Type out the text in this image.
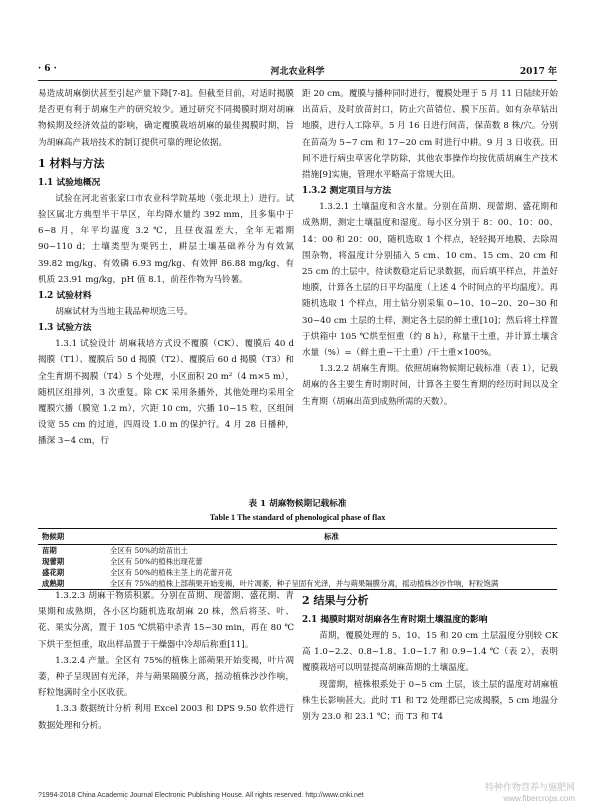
· 6 ·	河北农业科学	2017 年

易造成胡麻倒伏甚至引起产量下降[7-8]。但截至目前，对适时揭膜是否更有利于胡麻生产的研究较少。通过研究不同揭膜时期对胡麻物候期及经济效益的影响，确定覆膜栽培胡麻的最佳揭膜时期，旨为胡麻高产栽培技术的制订提供可靠的理论依据。

1 材料与方法
1.1 试验地概况

试验在河北省张家口市农业科学院基地（张北坝上）进行。试验区属北方典型半干旱区，年均降水量约 392 mm，且多集中于 6~8 月，年平均温度 3.2 ℃，且昼夜温差大，全年无霜期 90~110 d；土壤类型为栗钙土，耕层土壤基础养分为有效氮 39.82 mg/kg、有效磷 6.93 mg/kg、有效钾 86.88 mg/kg、有机质 23.91 mg/kg，pH 值 8.1，前茬作物为马铃薯。

1.2 试验材料

胡麻试材为当地主栽品种坝选三号。

1.3 试验方法

1.3.1 试验设计 胡麻栽培方式设不覆膜（CK）、覆膜后 40 d 揭膜（T1）、覆膜后 50 d 揭膜（T2）、覆膜后 60 d 揭膜（T3）和全生育期不揭膜（T4）5 个处理，小区面积 20 m²（4 m×5 m），随机区组排列，3 次重复。除 CK 采用条播外，其他处理均采用全覆膜穴播（膜宽 1.2 m），穴距 10 cm，穴播 10~15 粒，区组间设宽 55 cm 的过道，四周设 1.0 m 的保护行。4 月 28 日播种，播深 3~4 cm，行

距 20 cm。覆膜与播种同时进行，覆膜处理于 5 月 11 日陆续开始出苗后，及时放苗封口，防止穴苗错位、膜下压苗。如有杂草钻出地膜，进行人工除草。5 月 16 日进行间苗，保苗数 8 株/穴。分别在苗高为 5~7 cm 和 17~20 cm 时进行中耕。9 月 3 日收获。田间不进行病虫草害化学防除，其他农事操作均按优质胡麻生产技术措施[9]实施，管理水平略高于常规大田。

1.3.2 测定项目与方法

1.3.2.1 土壤温度和含水量。分别在苗期、现蕾期、盛花期和成熟期，测定土壤温度和湿度。每小区分别于 8：00、10：00、14：00 和 20：00，随机选取 1 个样点，轻轻揭开地膜，去除周围杂物，将温度计分别插入 5 cm、10 cm、15 cm、20 cm 和 25 cm 的土层中，待读数稳定后记录数据，而后填平样点，并盖好地膜，计算各土层的日平均温度（上述 4 个时间点的平均温度）。再随机选取 1 个样点，用土钻分别采集 0~10、10~20、20~30 和 30~40 cm 土层的土样，测定各土层的鲜土重[10]；然后将土样置于烘箱中 105 ℃烘至恒重（约 8 h），称量干土重，并计算土壤含水量（%）=（鲜土重−干土重）/干土重×100%。

1.3.2.2 胡麻生育期。依照胡麻物候期记载标准（表 1），记载胡麻的各主要生育时期时间，计算各主要生育期的经历时间以及全生育期（胡麻出苗到成熟所需的天数）。

表 1 胡麻物候期记载标准
Table 1 The standard of phenological phase of flax
物候期	标准
苗期	全区有 50%的幼苗出土
现蕾期	全区有 50%的植株出现花蕾
盛花期	全区有 50%的植株主茎上的花蕾开花
成熟期	全区有 75%的植株上部蒴果开始变褐，叶片凋萎，种子呈固有光泽，并与蒴果隔膜分离，摇动植株沙沙作响，籽粒饱满

1.3.2.3 胡麻干物质积累。分别在苗期、现蕾期、盛花期、青果期和成熟期，各小区均随机选取胡麻 20 株，然后将茎、叶、花、果实分离，置于 105 ℃烘箱中杀青 15~30 min，再在 80 ℃下烘干至恒重，取出样品置于干燥器中冷却后称重[11]。

1.3.2.4 产量。全区有 75%的植株上部蒴果开始变褐，叶片凋萎，种子呈现固有光泽，并与蒴果隔膜分离，摇动植株沙沙作响，籽粒饱满时全小区收获。

1.3.3 数据统计分析 利用 Excel 2003 和 DPS 9.50 软件进行数据处理和分析。

2 结果与分析
2.1 揭膜时期对胡麻各生育时期土壤温度的影响

苗期，覆膜处理的 5、10、15 和 20 cm 土层温度分别较 CK 高 1.0~2.2、0.8~1.8、1.0~1.7 和 0.9~1.4 ℃（表 2），表明覆膜栽培可以明显提高胡麻苗期的土壤温度。

现蕾期，植株根系处于 0~5 cm 土层，该土层的温度对胡麻植株生长影响甚大。此时 T1 和 T2 处理都已完成揭膜，5 cm 地温分别为 23.0 和 23.1 ℃；而 T3 和 T4

?1994-2018 China Academic Journal Electronic Publishing House. All rights reserved. http://www.cnki.net
特种作物营养与施肥网
www.fibercrops.com
